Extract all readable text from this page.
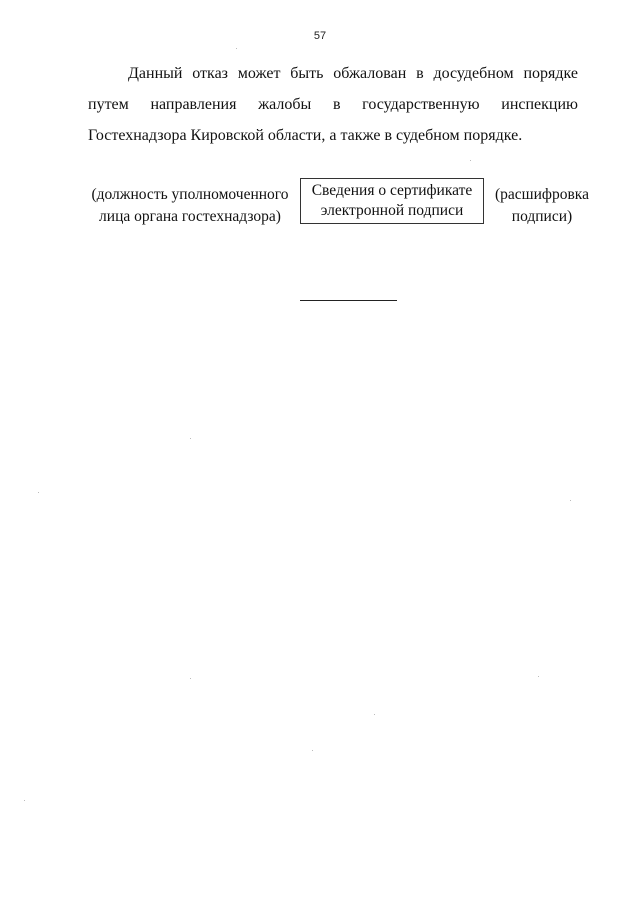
57

Данный отказ может быть обжалован в досудебном порядке путем направления жалобы в государственную инспекцию Гостехнадзора Кировской области, а также в судебном порядке.

(должность уполномоченного
лица органа гостехнадзора)
Сведения о сертификате
электронной подписи
(расшифровка
подписи)
